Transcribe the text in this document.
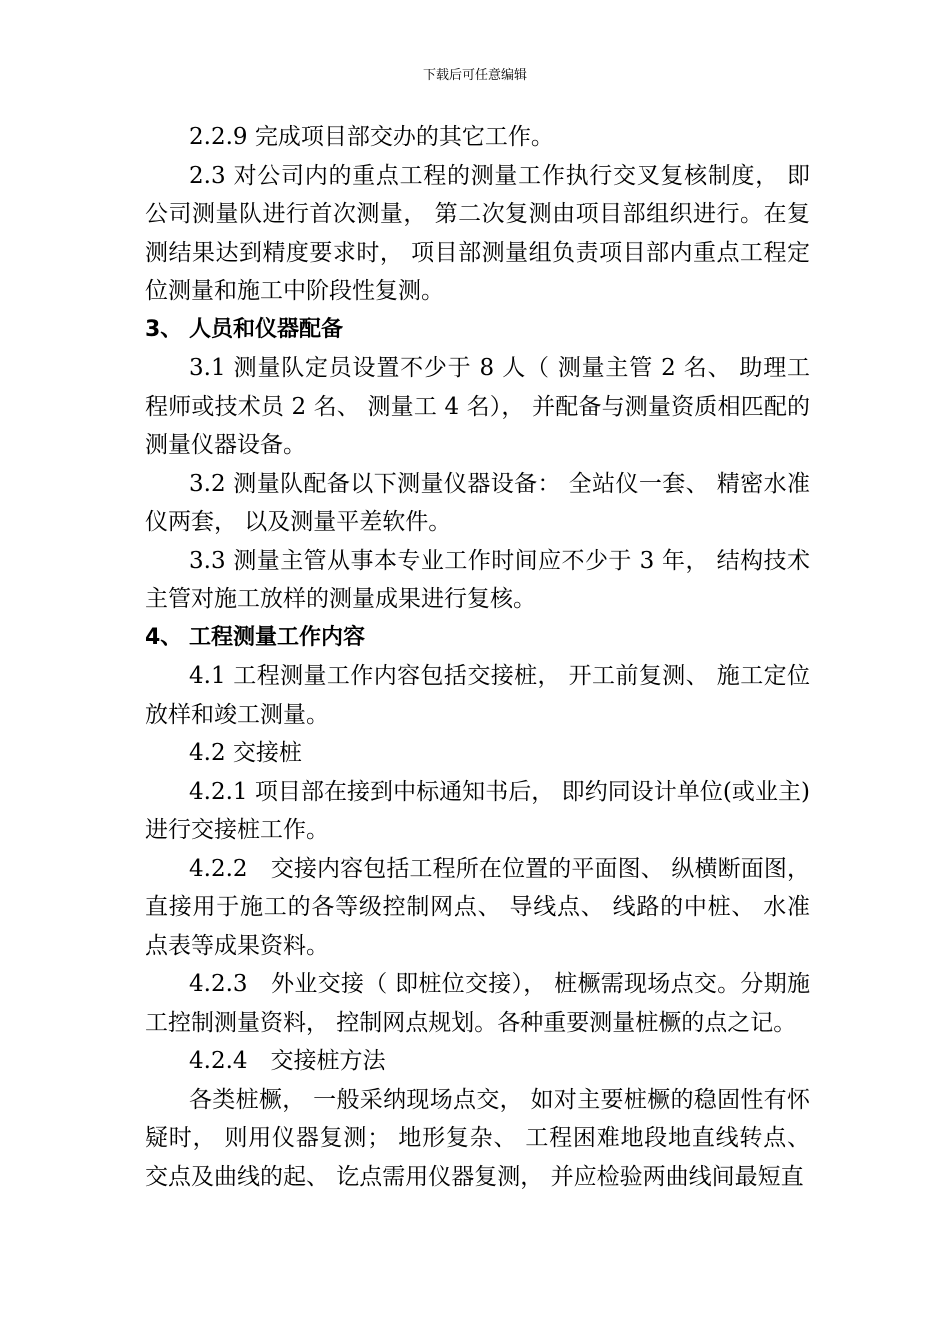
下载后可任意编辑

2.2.9 完成项目部交办的其它工作。

2.3 对公司内的重点工程的测量工作执行交叉复核制度， 即公司测量队进行首次测量， 第二次复测由项目部组织进行。在复测结果达到精度要求时， 项目部测量组负责项目部内重点工程定位测量和施工中阶段性复测。

3、 人员和仪器配备

3.1 测量队定员设置不少于 8 人（ 测量主管 2 名、 助理工程师或技术员 2 名、 测量工 4 名）， 并配备与测量资质相匹配的测量仪器设备。

3.2 测量队配备以下测量仪器设备： 全站仪一套、 精密水准仪两套， 以及测量平差软件。

3.3 测量主管从事本专业工作时间应不少于 3 年， 结构技术主管对施工放样的测量成果进行复核。

4、 工程测量工作内容

4.1 工程测量工作内容包括交接桩， 开工前复测、 施工定位放样和竣工测量。

4.2 交接桩

4.2.1 项目部在接到中标通知书后， 即约同设计单位(或业主)进行交接桩工作。

4.2.2　交接内容包括工程所在位置的平面图、 纵横断面图， 直接用于施工的各等级控制网点、 导线点、 线路的中桩、 水准点表等成果资料。

4.2.3　外业交接（ 即桩位交接）， 桩橛需现场点交。分期施工控制测量资料， 控制网点规划。各种重要测量桩橛的点之记。

4.2.4　交接桩方法

各类桩橛， 一般采纳现场点交， 如对主要桩橛的稳固性有怀疑时， 则用仪器复测； 地形复杂、 工程困难地段地直线转点、 交点及曲线的起、 讫点需用仪器复测， 并应检验两曲线间最短直
